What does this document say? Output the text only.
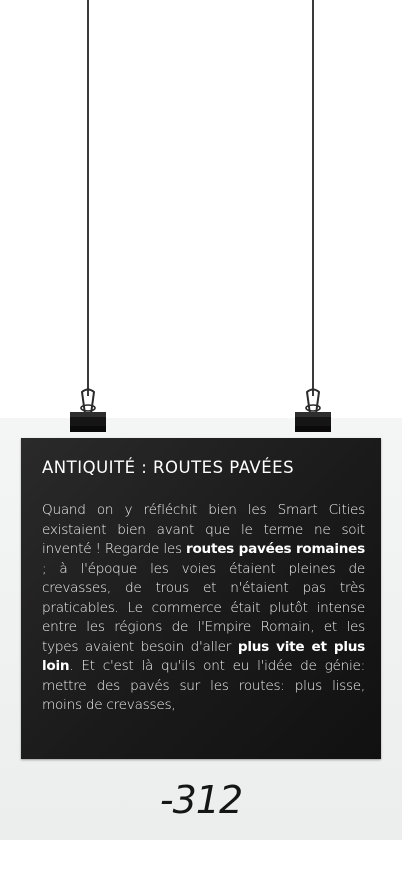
ANTIQUITÉ : ROUTES PAVÉES

Quand on y réfléchit bien les Smart Cities existaient bien avant que le terme ne soit inventé ! Regarde les routes pavées romaines ; à l'époque les voies étaient pleines de crevasses, de trous et n'étaient pas très praticables. Le commerce était plutôt intense entre les régions de l'Empire Romain, et les types avaient besoin d'aller plus vite et plus loin. Et c'est là qu'ils ont eu l'idée de génie: mettre des pavés sur les routes: plus lisse, moins de crevasses,

-312
